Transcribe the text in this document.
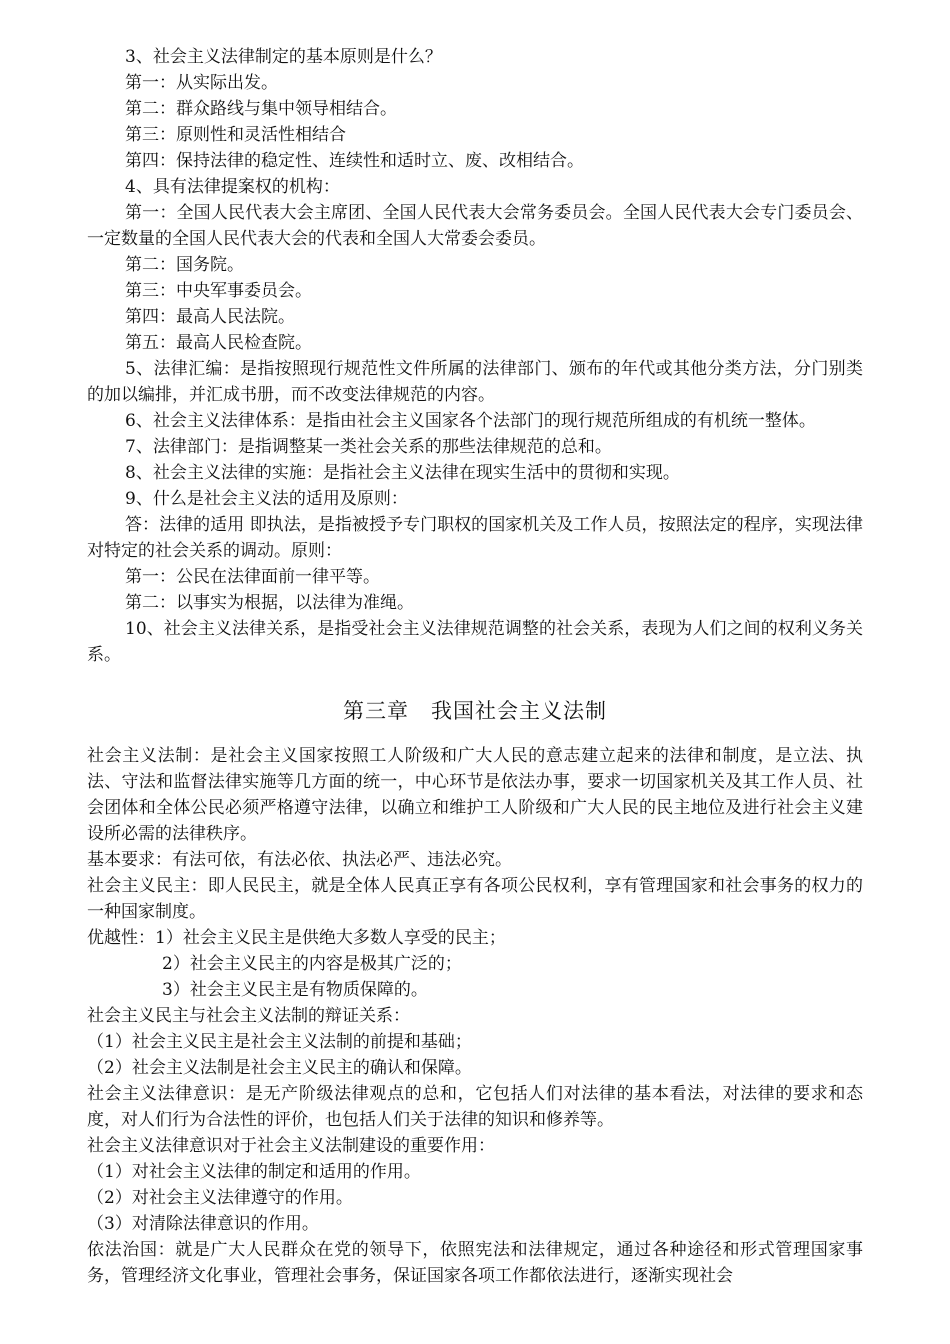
3、社会主义法律制定的基本原则是什么？

第一：从实际出发。

第二：群众路线与集中领导相结合。

第三：原则性和灵活性相结合

第四：保持法律的稳定性、连续性和适时立、废、改相结合。

4、具有法律提案权的机构：

第一：全国人民代表大会主席团、全国人民代表大会常务委员会。全国人民代表大会专门委员会、一定数量的全国人民代表大会的代表和全国人大常委会委员。

第二：国务院。

第三：中央军事委员会。

第四：最高人民法院。

第五：最高人民检查院。

5、法律汇编：是指按照现行规范性文件所属的法律部门、颁布的年代或其他分类方法，分门别类的加以编排，并汇成书册，而不改变法律规范的内容。

6、社会主义法律体系：是指由社会主义国家各个法部门的现行规范所组成的有机统一整体。

7、法律部门：是指调整某一类社会关系的那些法律规范的总和。

8、社会主义法律的实施：是指社会主义法律在现实生活中的贯彻和实现。

9、什么是社会主义法的适用及原则：

答：法律的适用 即执法，是指被授予专门职权的国家机关及工作人员，按照法定的程序，实现法律对特定的社会关系的调动。原则：

第一：公民在法律面前一律平等。

第二：以事实为根据，以法律为准绳。

10、社会主义法律关系，是指受社会主义法律规范调整的社会关系，表现为人们之间的权利义务关系。

第三章　我国社会主义法制

社会主义法制：是社会主义国家按照工人阶级和广大人民的意志建立起来的法律和制度，是立法、执法、守法和监督法律实施等几方面的统一，中心环节是依法办事，要求一切国家机关及其工作人员、社会团体和全体公民必须严格遵守法律，以确立和维护工人阶级和广大人民的民主地位及进行社会主义建设所必需的法律秩序。

基本要求：有法可依，有法必依、执法必严、违法必究。

社会主义民主：即人民民主，就是全体人民真正享有各项公民权利，享有管理国家和社会事务的权力的一种国家制度。

优越性：1）社会主义民主是供绝大多数人享受的民主；

2）社会主义民主的内容是极其广泛的；

3）社会主义民主是有物质保障的。

社会主义民主与社会主义法制的辩证关系：

（1）社会主义民主是社会主义法制的前提和基础；

（2）社会主义法制是社会主义民主的确认和保障。

社会主义法律意识：是无产阶级法律观点的总和，它包括人们对法律的基本看法，对法律的要求和态度，对人们行为合法性的评价，也包括人们关于法律的知识和修养等。

社会主义法律意识对于社会主义法制建设的重要作用：

（1）对社会主义法律的制定和适用的作用。

（2）对社会主义法律遵守的作用。

（3）对清除法律意识的作用。

依法治国：就是广大人民群众在党的领导下，依照宪法和法律规定，通过各种途径和形式管理国家事务，管理经济文化事业，管理社会事务，保证国家各项工作都依法进行，逐渐实现社会
